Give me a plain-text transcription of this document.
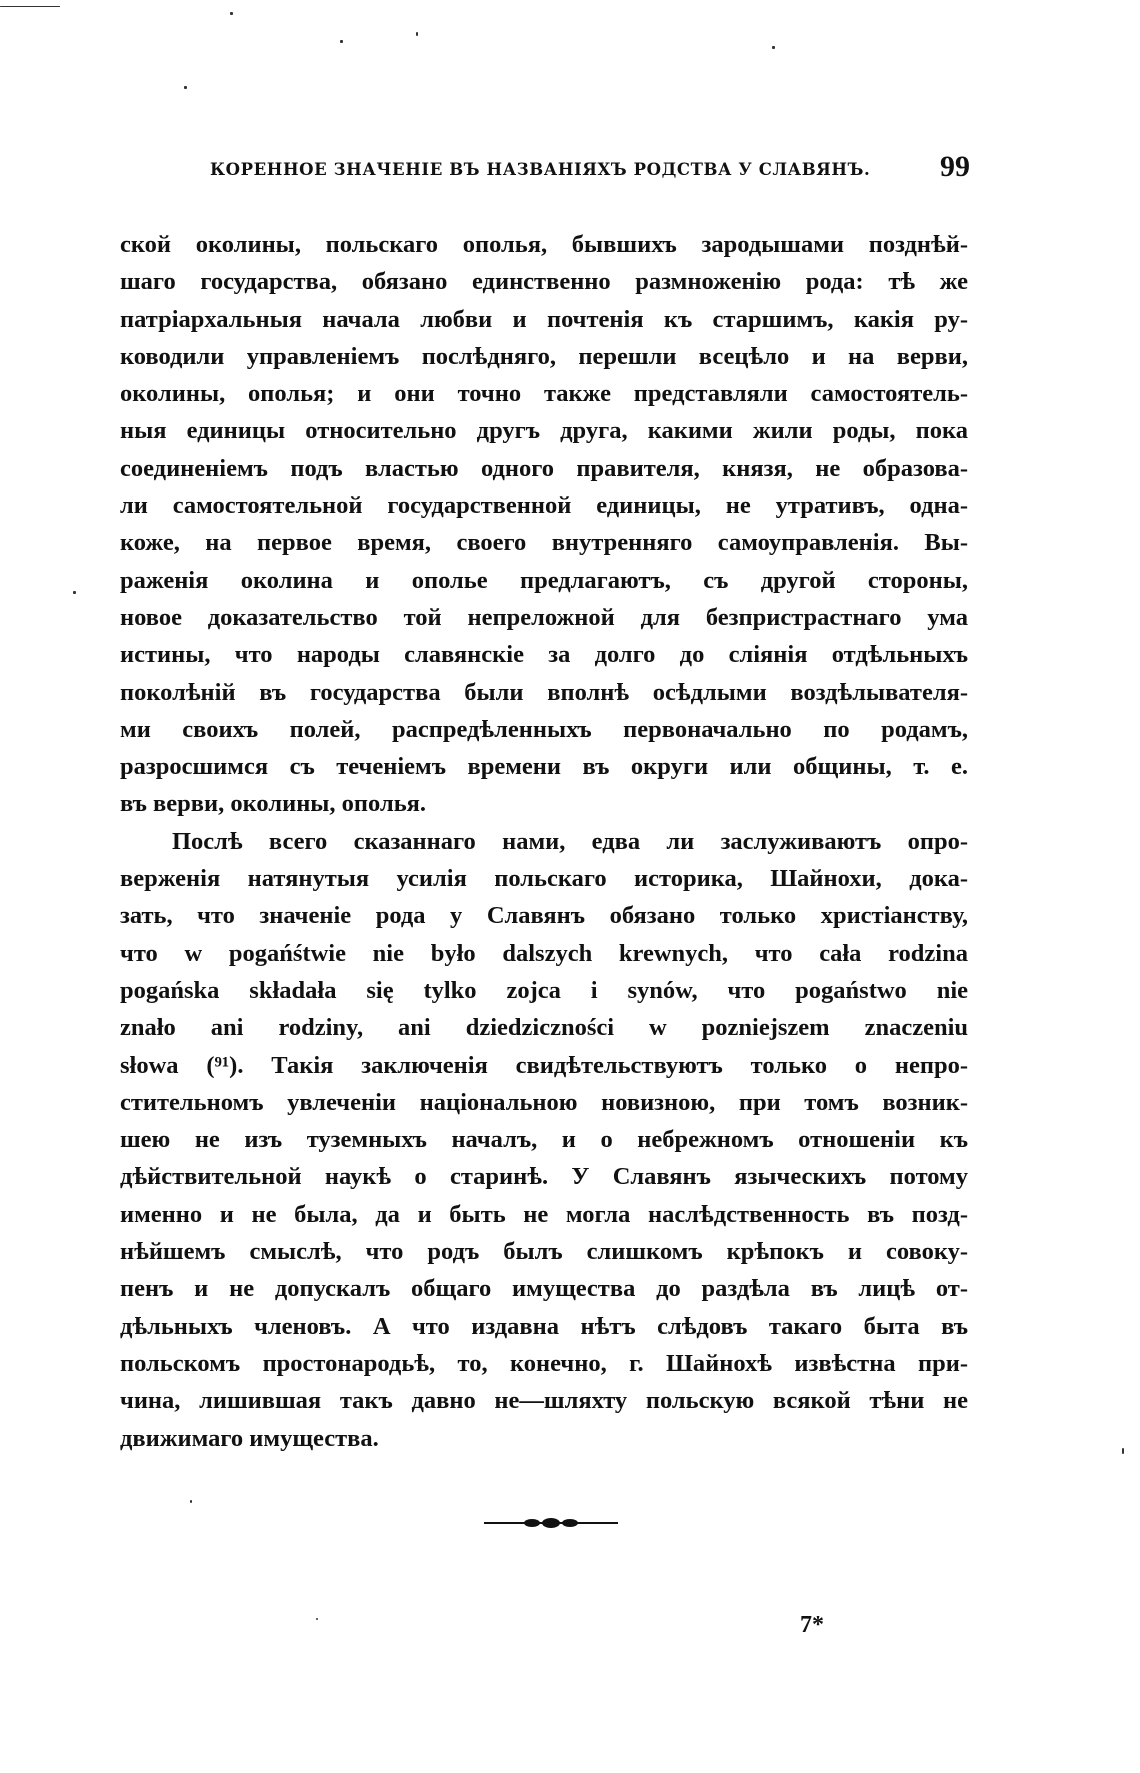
КОРЕННОЕ ЗНАЧЕНІЕ ВЪ НАЗВАНІЯХЪ РОДСТВА У СЛАВЯНЪ. 99
ской околины, польскаго ополья, бывшихъ зародышами позднѣй-
шаго государства, обязано единственно размноженію рода: тѣ же
патріархальныя начала любви и почтенія къ старшимъ, какія ру-
ководили управленіемъ послѣдняго, перешли всецѣло и на верви,
околины, ополья; и они точно также представляли самостоятель-
ныя единицы относительно другъ друга, какими жили роды, пока
соединеніемъ подъ властью одного правителя, князя, не образова-
ли самостоятельной государственной единицы, не утративъ, одна-
коже, на первое время, своего внутренняго самоуправленія. Вы-
раженія околина и ополье предлагаютъ, съ другой стороны,
новое доказательство той непреложной для безпристрастнаго ума
истины, что народы славянскіе за долго до слiянія отдѣльныхъ
поколѣній въ государства были вполнѣ осѣдлыми воздѣлывателя-
ми своихъ полей, распредѣленныхъ первоначально по родамъ,
разросшимся съ теченіемъ времени въ округи или общины, т. е.
въ верви, околины, ополья.
Послѣ всего сказаннаго нами, едва ли заслуживаютъ опро-
верженія натянутыя усилія польскаго историка, Шайнохи, дока-
зать, что значеніе рода у Славянъ обязано только христіанству,
что w pogańśtwie nie było dalszych krewnych, что cała rodzina
pogańska składała się tylko zojca i synów, что pogaństwo nie
znało ani rodziny, ani dziedziczności w pozniejszem znaczeniu
słowa (⁹¹). Такія заключенія свидѣтельствуютъ только о непро-
стительномъ увлеченіи національною новизною, при томъ возник-
шею не изъ туземныхъ началъ, и о небрежномъ отношеніи къ
дѣйствительной наукѣ о старинѣ. У Славянъ языческихъ потому
именно и не была, да и быть не могла наслѣдственность въ позд-
нѣйшемъ смыслѣ, что родъ былъ слишкомъ крѣпокъ и совоку-
пенъ и не допускалъ общаго имущества до раздѣла въ лицѣ от-
дѣльныхъ членовъ. А что издавна нѣтъ слѣдовъ такаго быта въ
польскомъ простонародьѣ, то, конечно, г. Шайнохѣ извѣстна при-
чина, лишившая такъ давно не—шляхту польскую всякой тѣни не
движимаго имущества.
7*
